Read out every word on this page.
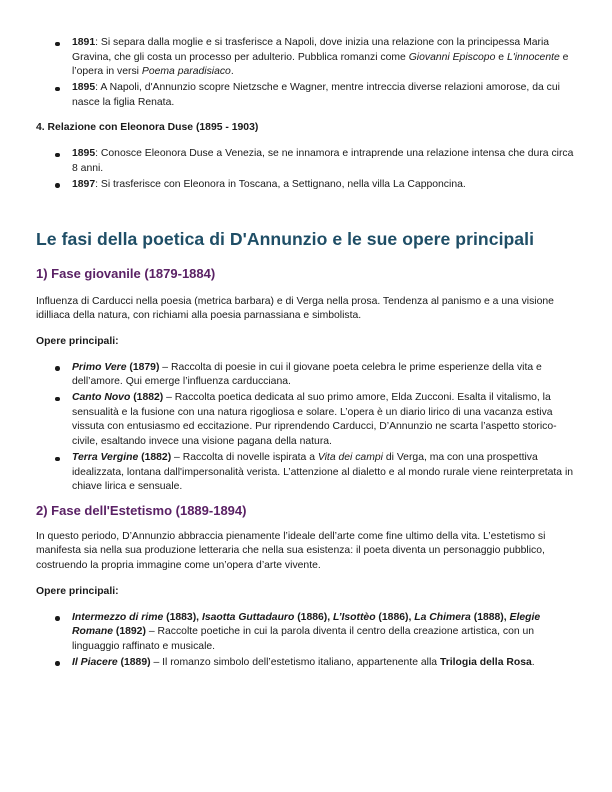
1891: Si separa dalla moglie e si trasferisce a Napoli, dove inizia una relazione con la principessa Maria Gravina, che gli costa un processo per adulterio. Pubblica romanzi come Giovanni Episcopo e L'innocente e l’opera in versi Poema paradisiaco.
1895: A Napoli, d'Annunzio scopre Nietzsche e Wagner, mentre intreccia diverse relazioni amorose, da cui nasce la figlia Renata.
4. Relazione con Eleonora Duse (1895 - 1903)
1895: Conosce Eleonora Duse a Venezia, se ne innamora e intraprende una relazione intensa che dura circa 8 anni.
1897: Si trasferisce con Eleonora in Toscana, a Settignano, nella villa La Capponcina.
Le fasi della poetica di D'Annunzio e le sue opere principali
1) Fase giovanile (1879-1884)

Influenza di Carducci nella poesia (metrica barbara) e di Verga nella prosa. Tendenza al panismo e a una visione idilliaca della natura, con richiami alla poesia parnassiana e simbolista.

Opere principali:
Primo Vere (1879) – Raccolta di poesie in cui il giovane poeta celebra le prime esperienze della vita e dell’amore. Qui emerge l’influenza carducciana.
Canto Novo (1882) – Raccolta poetica dedicata al suo primo amore, Elda Zucconi. Esalta il vitalismo, la sensualità e la fusione con una natura rigogliosa e solare. L’opera è un diario lirico di una vacanza estiva vissuta con entusiasmo ed eccitazione. Pur riprendendo Carducci, D’Annunzio ne scarta l’aspetto storico-civile, esaltando invece una visione pagana della natura.
Terra Vergine (1882) – Raccolta di novelle ispirata a Vita dei campi di Verga, ma con una prospettiva idealizzata, lontana dall'impersonalità verista. L’attenzione al dialetto e al mondo rurale viene reinterpretata in chiave lirica e sensuale.
2) Fase dell'Estetismo (1889-1894)

In questo periodo, D’Annunzio abbraccia pienamente l’ideale dell’arte come fine ultimo della vita. L’estetismo si manifesta sia nella sua produzione letteraria che nella sua esistenza: il poeta diventa un personaggio pubblico, costruendo la propria immagine come un’opera d’arte vivente.

Opere principali:
Intermezzo di rime (1883), Isaotta Guttadauro (1886), L’Isottèo (1886), La Chimera (1888), Elegie Romane (1892) – Raccolte poetiche in cui la parola diventa il centro della creazione artistica, con un linguaggio raffinato e musicale.
Il Piacere (1889) – Il romanzo simbolo dell’estetismo italiano, appartenente alla Trilogia della Rosa.
